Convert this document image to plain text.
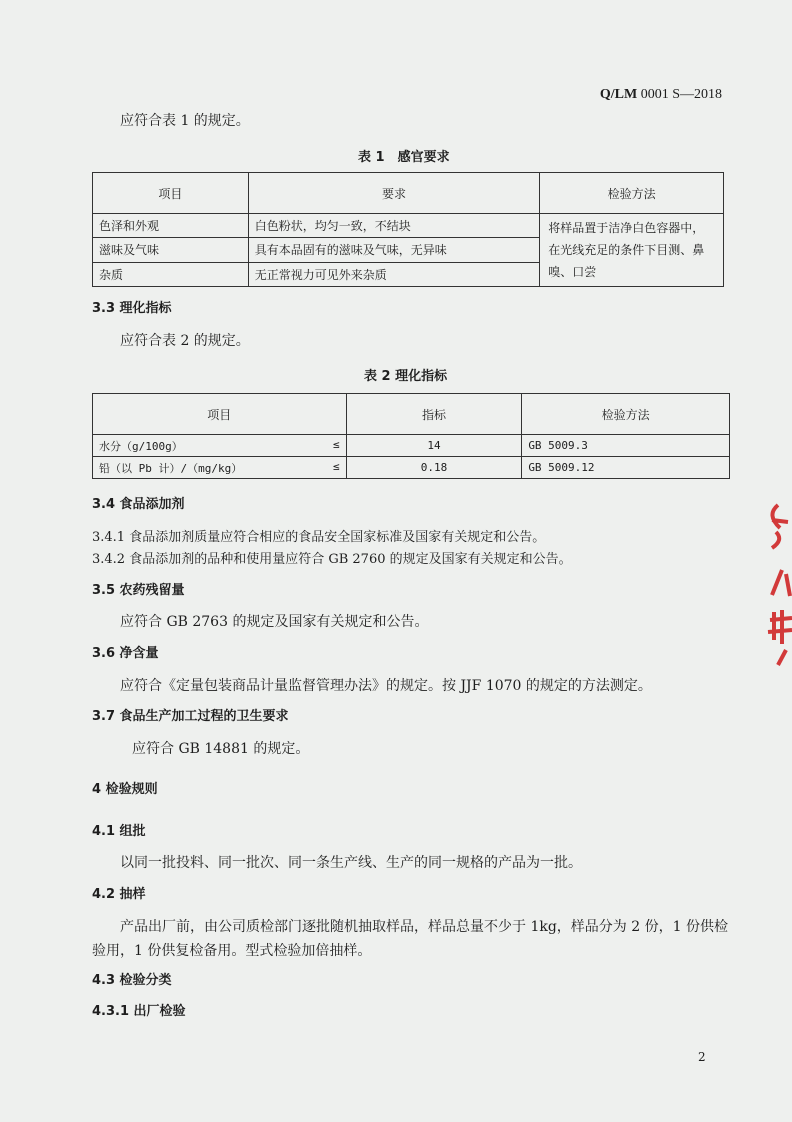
Q/LM 0001 S—2018
应符合表 1 的规定。
表 1　感官要求
项目	要求	检验方法
色泽和外观	白色粉状，均匀一致，不结块	将样品置于洁净白色容器中，在光线充足的条件下目测、鼻嗅、口尝
滋味及气味	具有本品固有的滋味及气味，无异味	
杂质	无正常视力可见外来杂质	
3.3 理化指标
应符合表 2 的规定。
表 2 理化指标
项目	指标	检验方法
水分（g/100g） ≤	14	GB 5009.3
铅（以 Pb 计）/（mg/kg） ≤	0.18	GB 5009.12
3.4 食品添加剂
3.4.1 食品添加剂质量应符合相应的食品安全国家标准及国家有关规定和公告。
3.4.2 食品添加剂的品种和使用量应符合 GB 2760 的规定及国家有关规定和公告。
3.5 农药残留量
应符合 GB 2763 的规定及国家有关规定和公告。
3.6 净含量
应符合《定量包装商品计量监督管理办法》的规定。按 JJF 1070 的规定的方法测定。
3.7 食品生产加工过程的卫生要求
应符合 GB 14881 的规定。
4 检验规则
4.1 组批
以同一批投料、同一批次、同一条生产线、生产的同一规格的产品为一批。
4.2 抽样
产品出厂前，由公司质检部门逐批随机抽取样品，样品总量不少于 1kg，样品分为 2 份，1 份供检
验用，1 份供复检备用。型式检验加倍抽样。
4.3 检验分类
4.3.1 出厂检验
2
